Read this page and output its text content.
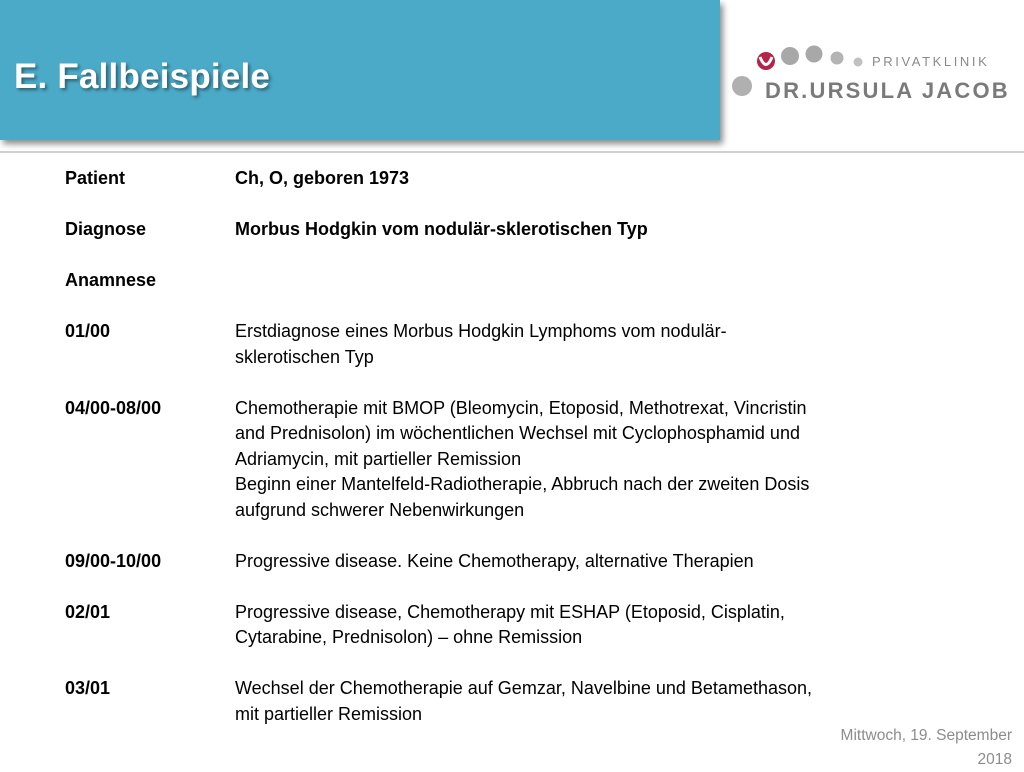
E. Fallbeispiele	PRIVATKLINIK
DR.URSULA JACOB
Patient	Ch, O, geboren 1973
Diagnose	Morbus Hodgkin vom nodulär-sklerotischen Typ
Anamnese
01/00	Erstdiagnose eines Morbus Hodgkin Lymphoms vom nodulär-
sklerotischen Typ
04/00-08/00	Chemotherapie mit BMOP (Bleomycin, Etoposid, Methotrexat, Vincristin
and Prednisolon) im wöchentlichen Wechsel mit Cyclophosphamid und
Adriamycin, mit partieller Remission
Beginn einer Mantelfeld-Radiotherapie, Abbruch nach der zweiten Dosis
aufgrund schwerer Nebenwirkungen
09/00-10/00	Progressive disease. Keine Chemotherapy, alternative Therapien
02/01	Progressive disease, Chemotherapy mit ESHAP (Etoposid, Cisplatin,
Cytarabine, Prednisolon) – ohne Remission
03/01	Wechsel der Chemotherapie auf Gemzar, Navelbine und Betamethason,
mit partieller Remission
Mittwoch, 19. September
2018
